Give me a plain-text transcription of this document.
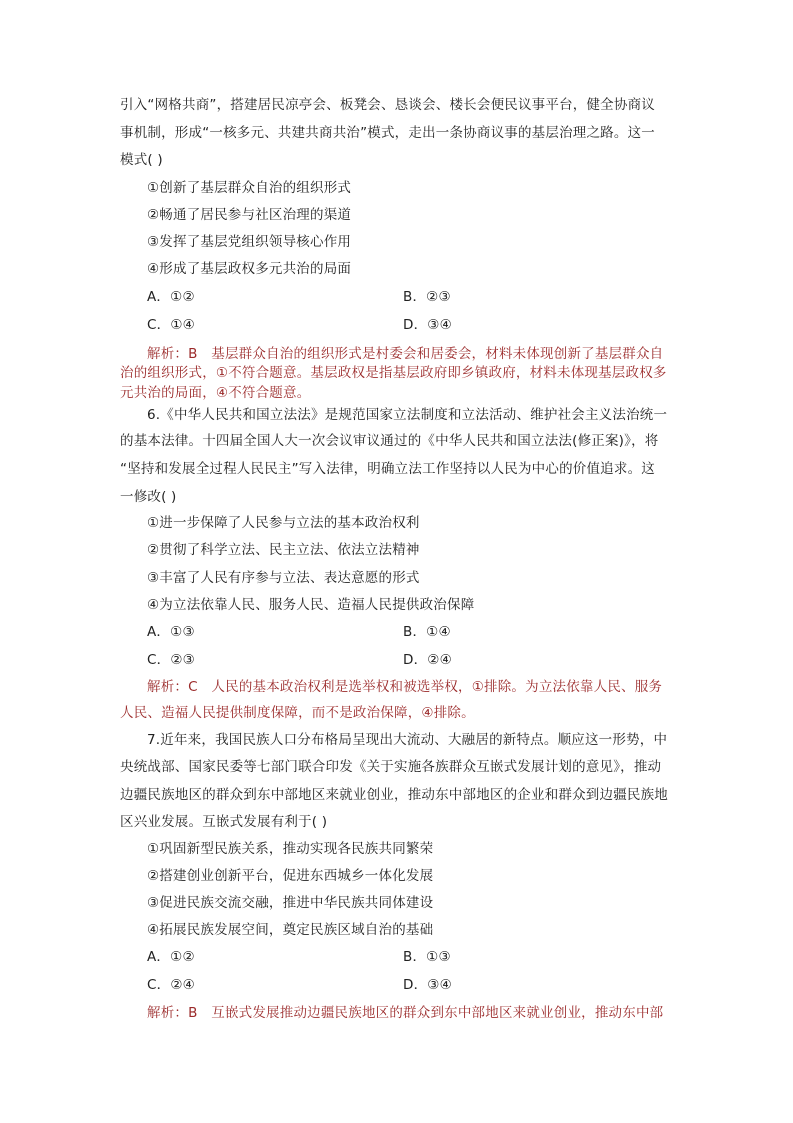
引入“网格共商”，搭建居民凉亭会、板凳会、恳谈会、楼长会便民议事平台，健全协商议
事机制，形成“一核多元、共建共商共治”模式，走出一条协商议事的基层治理之路。这一
模式( )
①创新了基层群众自治的组织形式
②畅通了居民参与社区治理的渠道
③发挥了基层党组织领导核心作用
④形成了基层政权多元共治的局面
A．①②	B．②③
C．①④	D．③④
解析：B　基层群众自治的组织形式是村委会和居委会，材料未体现创新了基层群众自
治的组织形式，①不符合题意。基层政权是指基层政府即乡镇政府，材料未体现基层政权多
元共治的局面，④不符合题意。
6.《中华人民共和国立法法》是规范国家立法制度和立法活动、维护社会主义法治统一
的基本法律。十四届全国人大一次会议审议通过的《中华人民共和国立法法(修正案)》，将
“坚持和发展全过程人民民主”写入法律，明确立法工作坚持以人民为中心的价值追求。这
一修改( )
①进一步保障了人民参与立法的基本政治权利
②贯彻了科学立法、民主立法、依法立法精神
③丰富了人民有序参与立法、表达意愿的形式
④为立法依靠人民、服务人民、造福人民提供政治保障
A．①③	B．①④
C．②③	D．②④
解析：C　人民的基本政治权利是选举权和被选举权，①排除。为立法依靠人民、服务
人民、造福人民提供制度保障，而不是政治保障，④排除。
7.近年来，我国民族人口分布格局呈现出大流动、大融居的新特点。顺应这一形势，中
央统战部、国家民委等七部门联合印发《关于实施各族群众互嵌式发展计划的意见》，推动
边疆民族地区的群众到东中部地区来就业创业，推动东中部地区的企业和群众到边疆民族地
区兴业发展。互嵌式发展有利于( )
①巩固新型民族关系，推动实现各民族共同繁荣
②搭建创业创新平台，促进东西城乡一体化发展
③促进民族交流交融，推进中华民族共同体建设
④拓展民族发展空间，奠定民族区域自治的基础
A．①②	B．①③
C．②④	D．③④
解析：B　互嵌式发展推动边疆民族地区的群众到东中部地区来就业创业，推动东中部
